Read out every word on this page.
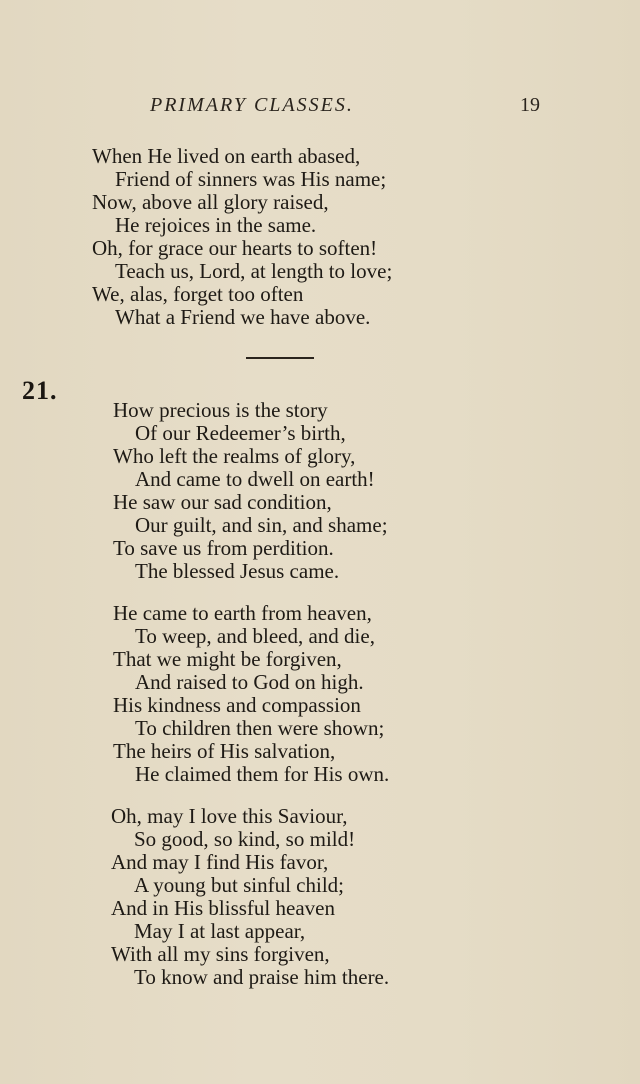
PRIMARY CLASSES.	19
When He lived on earth abased,
Friend of sinners was His name;
Now, above all glory raised,
He rejoices in the same.
Oh, for grace our hearts to soften!
Teach us, Lord, at length to love;
We, alas, forget too often
What a Friend we have above.
21.
How precious is the story
Of our Redeemer’s birth,
Who left the realms of glory,
And came to dwell on earth!
He saw our sad condition,
Our guilt, and sin, and shame;
To save us from perdition.
The blessed Jesus came.
He came to earth from heaven,
To weep, and bleed, and die,
That we might be forgiven,
And raised to God on high.
His kindness and compassion
To children then were shown;
The heirs of His salvation,
He claimed them for His own.
Oh, may I love this Saviour,
So good, so kind, so mild!
And may I find His favor,
A young but sinful child;
And in His blissful heaven
May I at last appear,
With all my sins forgiven,
To know and praise him there.
